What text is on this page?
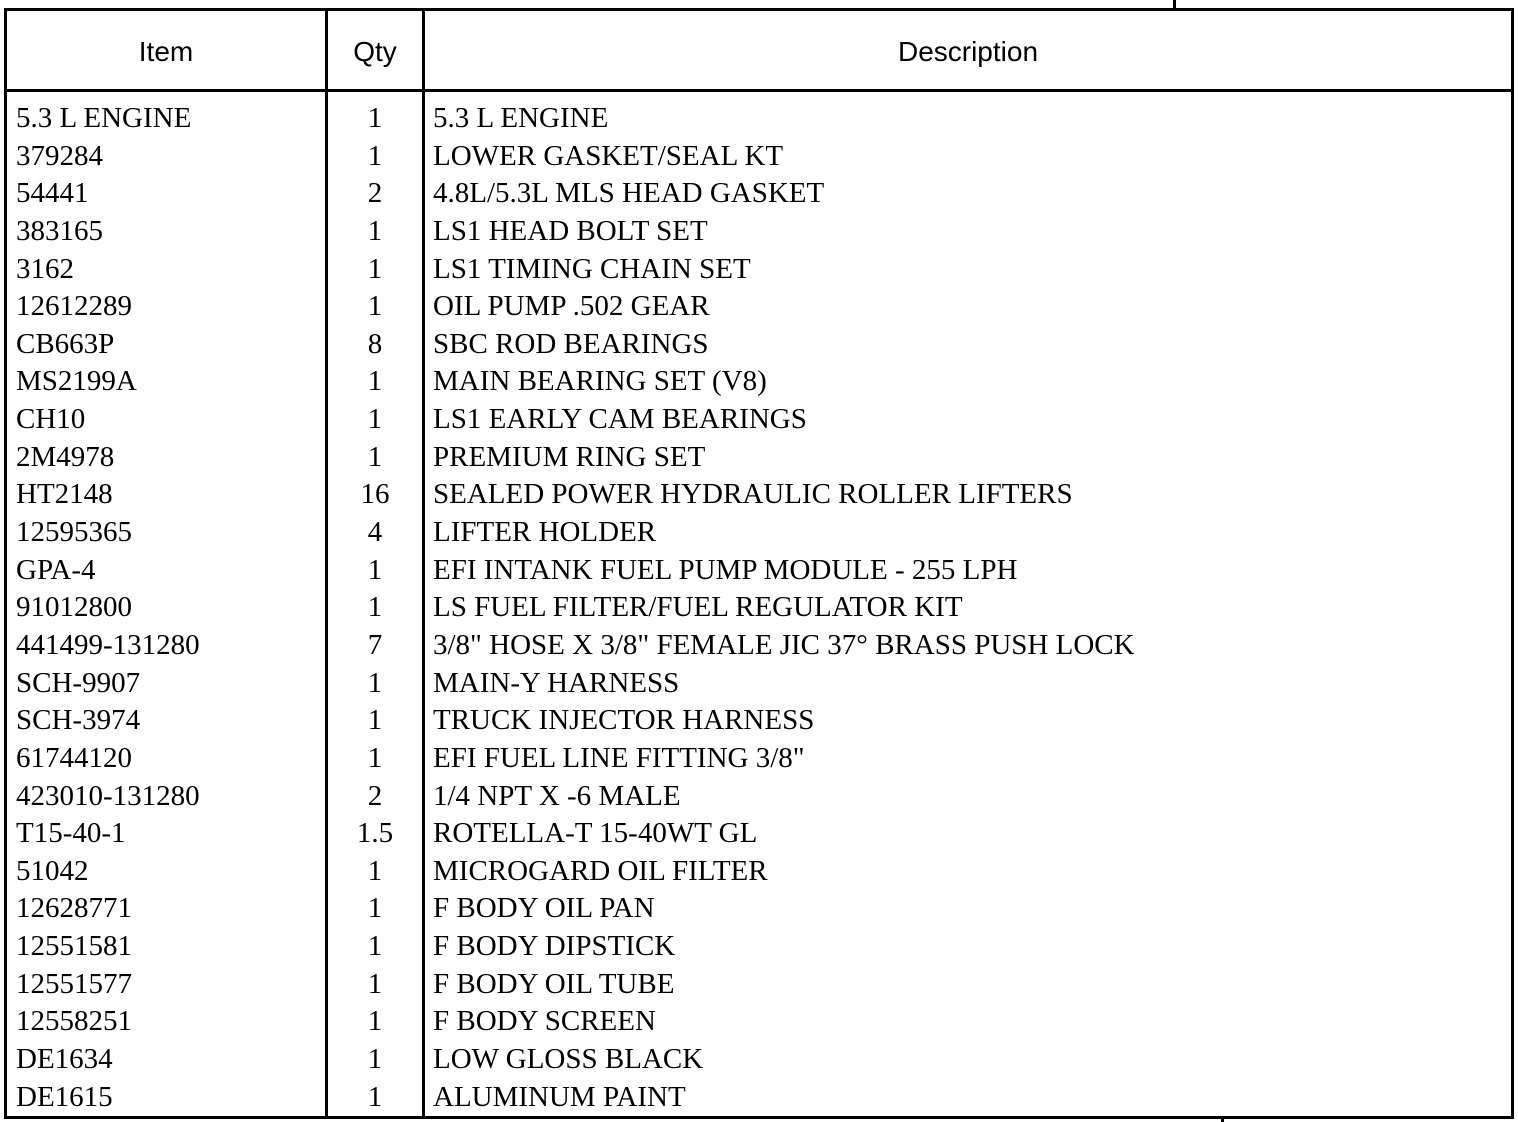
Item	Qty	Description
5.3 L ENGINE	1	5.3 L ENGINE
379284	1	LOWER GASKET/SEAL KT
54441	2	4.8L/5.3L MLS HEAD GASKET
383165	1	LS1 HEAD BOLT SET
3162	1	LS1 TIMING CHAIN SET
12612289	1	OIL PUMP .502 GEAR
CB663P	8	SBC ROD BEARINGS
MS2199A	1	MAIN BEARING SET (V8)
CH10	1	LS1 EARLY CAM BEARINGS
2M4978	1	PREMIUM RING SET
HT2148	16	SEALED POWER HYDRAULIC ROLLER LIFTERS
12595365	4	LIFTER HOLDER
GPA-4	1	EFI INTANK FUEL PUMP MODULE - 255 LPH
91012800	1	LS FUEL FILTER/FUEL REGULATOR KIT
441499-131280	7	3/8" HOSE X 3/8" FEMALE JIC 37° BRASS PUSH LOCK
SCH-9907	1	MAIN-Y HARNESS
SCH-3974	1	TRUCK INJECTOR HARNESS
61744120	1	EFI FUEL LINE FITTING 3/8"
423010-131280	2	1/4 NPT X -6 MALE
T15-40-1	1.5	ROTELLA-T 15-40WT GL
51042	1	MICROGARD OIL FILTER
12628771	1	F BODY OIL PAN
12551581	1	F BODY DIPSTICK
12551577	1	F BODY OIL TUBE
12558251	1	F BODY SCREEN
DE1634	1	LOW GLOSS BLACK
DE1615	1	ALUMINUM PAINT
